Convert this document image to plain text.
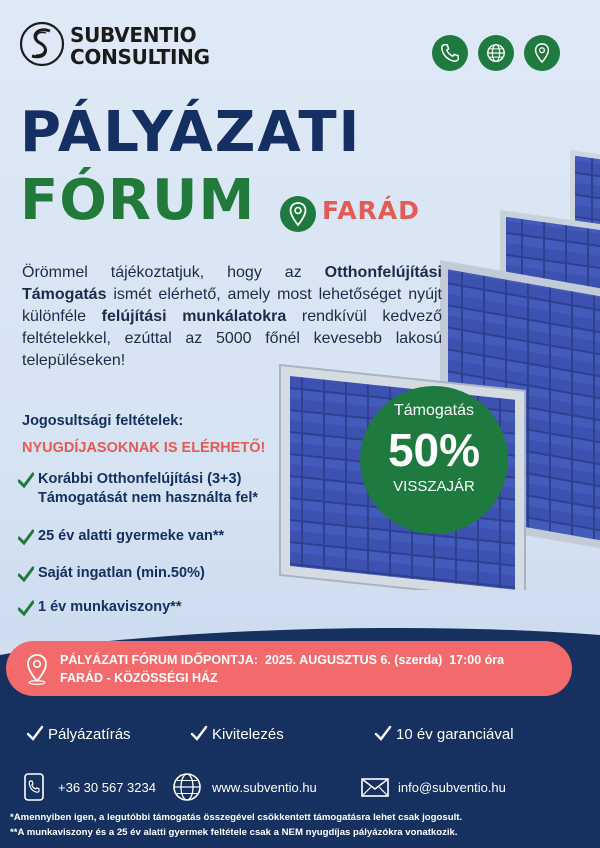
SUBVENTIO
CONSULTING
PÁLYÁZATI
FÓRUM	FARÁD
Örömmel tájékoztatjuk, hogy az Otthonfelújítási Támogatás ismét elérhető, amely most lehetőséget nyújt különféle felújítási munkálatokra rendkívül kedvező feltételekkel, ezúttal az 5000 főnél kevesebb lakosú településeken!
Támogatás
50%
VISSZAJÁR
Jogosultsági feltételek:
NYUGDÍJASOKNAK IS ELÉRHETŐ!
Korábbi Otthonfelújítási (3+3)
Támogatását nem használta fel*
25 év alatti gyermeke van**
Saját ingatlan (min.50%)
1 év munkaviszony**
PÁLYÁZATI FÓRUM IDŐPONTJA: 2025. AUGUSZTUS 6. (szerda) 17:00 óra
FARÁD - KÖZÖSSÉGI HÁZ
Pályázatírás	Kivitelezés	10 év garanciával
+36 30 567 3234	www.subventio.hu	info@subventio.hu
*Amennyiben igen, a legutóbbi támogatás összegével csökkentett támogatásra lehet csak jogosult.
**A munkaviszony és a 25 év alatti gyermek feltétele csak a NEM nyugdíjas pályázókra vonatkozik.
